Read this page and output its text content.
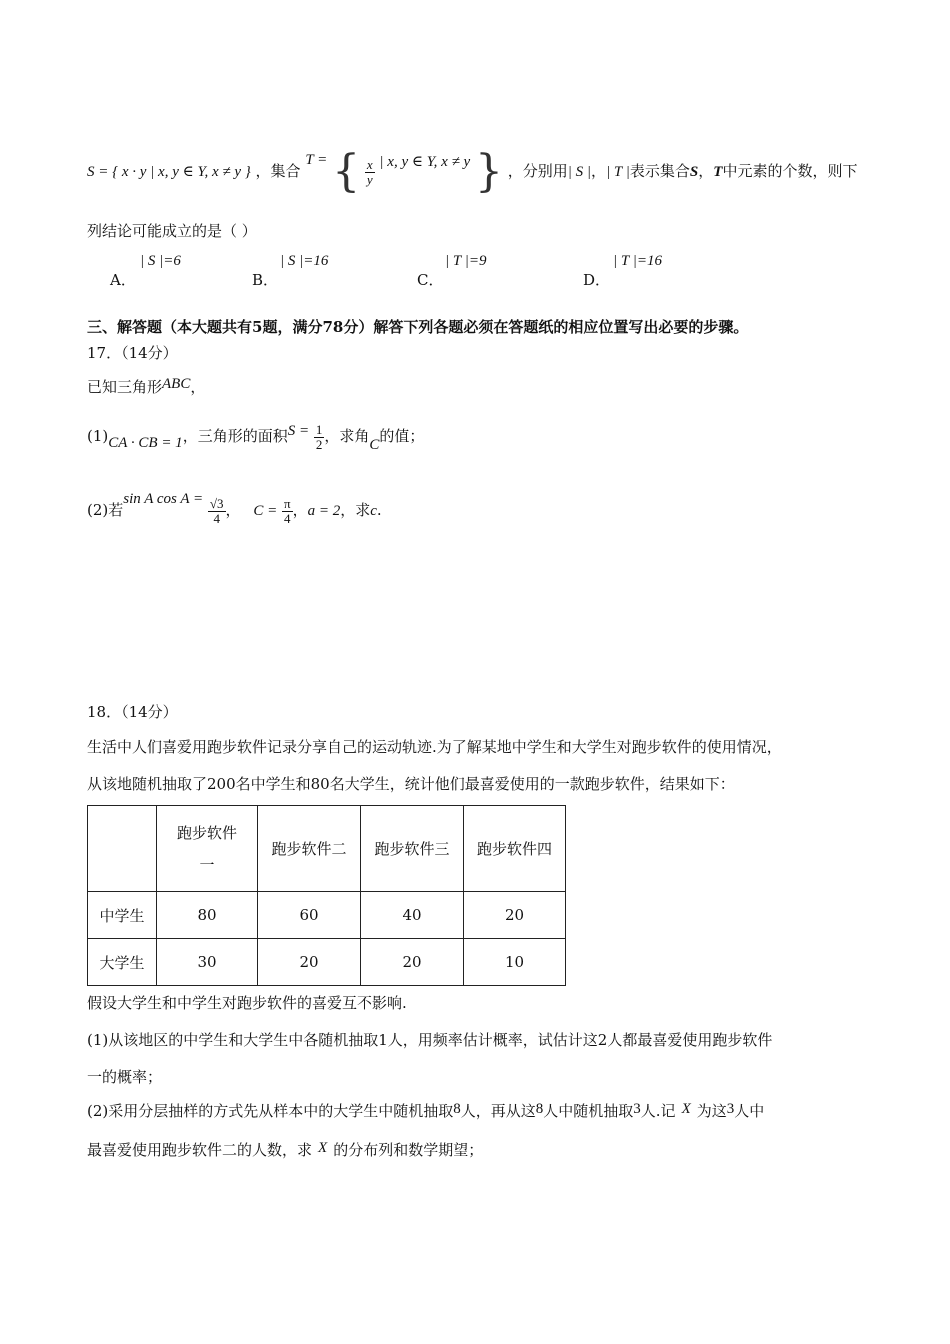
S = { x · y | x, y ∈ Y, x ≠ y } ，集合 T = { $\frac{x}{y}$ | x, y ∈ Y, x ≠ y } ，分别用| S |，| T |表示集合S，T中元素的个数，则下
列结论可能成立的是（ ）
A．
| S |=6
B．
| S |=16
C．
| T |=9
D．
| T |=16
三、解答题（本大题共有5题，满分78分）解答下列各题必须在答题纸的相应位置写出必要的步骤。
17．（14分）
已知三角形ABC，
(1)CA · CB = 1，三角形的面积$S = \frac{1}{2}$ ，求角C的值；
(2)若sin A $\cos A = \frac{√3}{4}$ ， $C = \frac{\pi}{4}$ ，a = 2，求c.
18．（14分）
生活中人们喜爱用跑步软件记录分享自己的运动轨迹.为了解某地中学生和大学生对跑步软件的使用情况，
从该地随机抽取了200名中学生和80名大学生，统计他们最喜爱使用的一款跑步软件，结果如下：

	跑步软件
一	跑步软件二	跑步软件三	跑步软件四
中学生	80	60	40	20
大学生	30	20	20	10
假设大学生和中学生对跑步软件的喜爱互不影响.
(1)从该地区的中学生和大学生中各随机抽取1人，用频率估计概率，试估计这2人都最喜爱使用跑步软件
一的概率；
(2)采用分层抽样的方式先从样本中的大学生中随机抽取8人，再从这8人中随机抽取3人.记 X 为这3人中
最喜爱使用跑步软件二的人数，求 X 的分布列和数学期望；
